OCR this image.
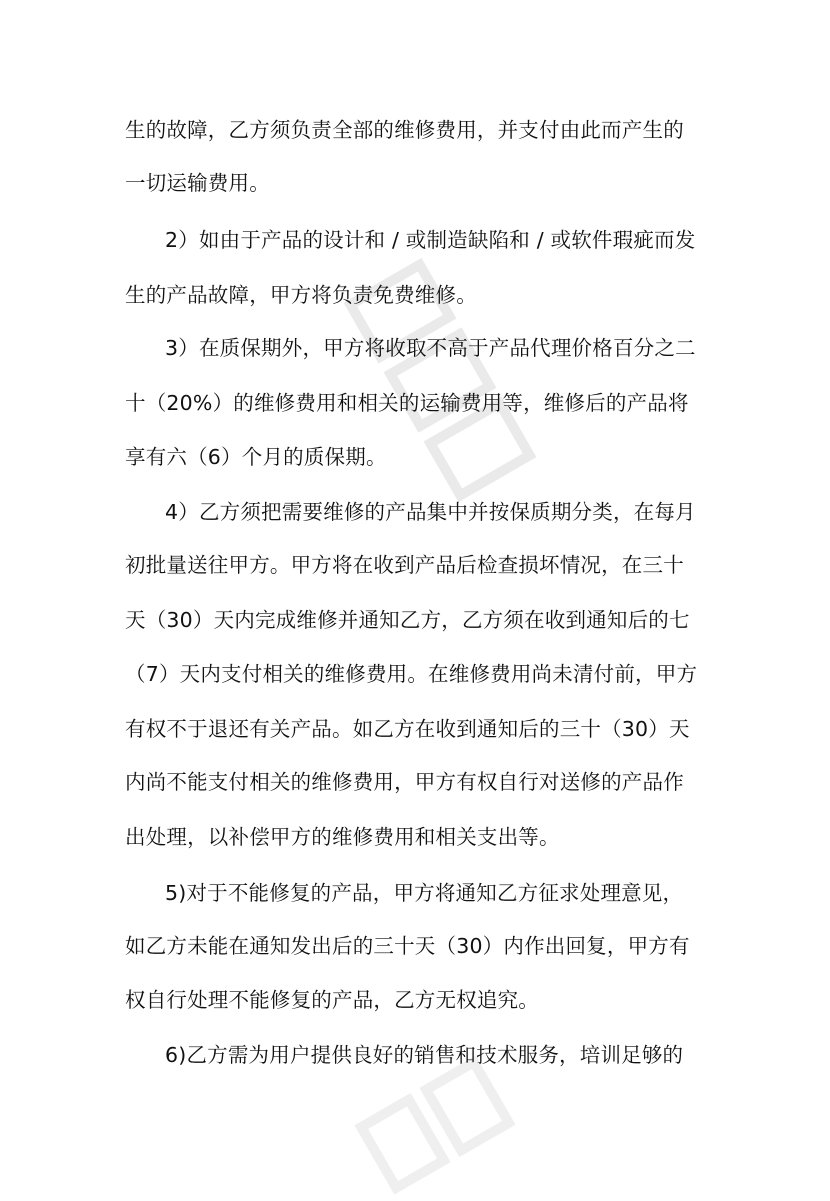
生的故障，乙方须负责全部的维修费用，并支付由此而产生的
一切运输费用。
2）如由于产品的设计和 / 或制造缺陷和 / 或软件瑕疵而发
生的产品故障，甲方将负责免费维修。
3）在质保期外，甲方将收取不高于产品代理价格百分之二
十（20%）的维修费用和相关的运输费用等，维修后的产品将
享有六（6）个月的质保期。
4）乙方须把需要维修的产品集中并按保质期分类，在每月
初批量送往甲方。甲方将在收到产品后检查损坏情况，在三十
天（30）天内完成维修并通知乙方，乙方须在收到通知后的七
（7）天内支付相关的维修费用。在维修费用尚未清付前，甲方
有权不于退还有关产品。如乙方在收到通知后的三十（30）天
内尚不能支付相关的维修费用，甲方有权自行对送修的产品作
出处理，以补偿甲方的维修费用和相关支出等。
5)对于不能修复的产品，甲方将通知乙方征求处理意见，
如乙方未能在通知发出后的三十天（30）内作出回复，甲方有
权自行处理不能修复的产品，乙方无权追究。
6)乙方需为用户提供良好的销售和技术服务，培训足够的
